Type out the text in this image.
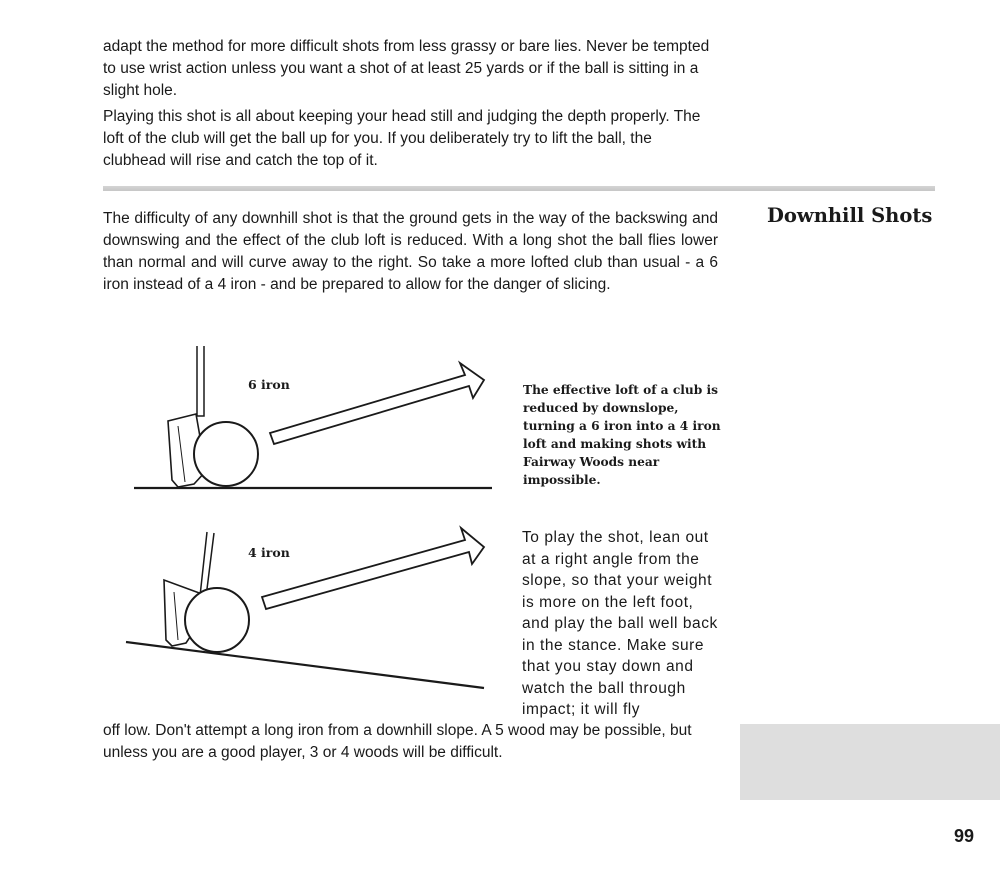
adapt the method for more difficult shots from less grassy or bare lies. Never be tempted to use wrist action unless you want a shot of at least 25 yards or if the ball is sitting in a slight hole.

Playing this shot is all about keeping your head still and judging the depth properly. The loft of the club will get the ball up for you. If you deliberately try to lift the ball, the clubhead will rise and catch the top of it.

Downhill Shots

The difficulty of any downhill shot is that the ground gets in the way of the backswing and downswing and the effect of the club loft is reduced. With a long shot the ball flies lower than normal and will curve away to the right. So take a more lofted club than usual - a 6 iron instead of a 4 iron - and be prepared to allow for the danger of slicing.

6 iron
4 iron

The effective loft of a club is reduced by downslope, turning a 6 iron into a 4 iron loft and making shots with Fairway Woods near impossible.

To play the shot, lean out at a right angle from the slope, so that your weight is more on the left foot, and play the ball well back in the stance. Make sure that you stay down and watch the ball through impact; it will fly

off low. Don't attempt a long iron from a downhill slope. A 5 wood may be possible, but unless you are a good player, 3 or 4 woods will be difficult.

99
